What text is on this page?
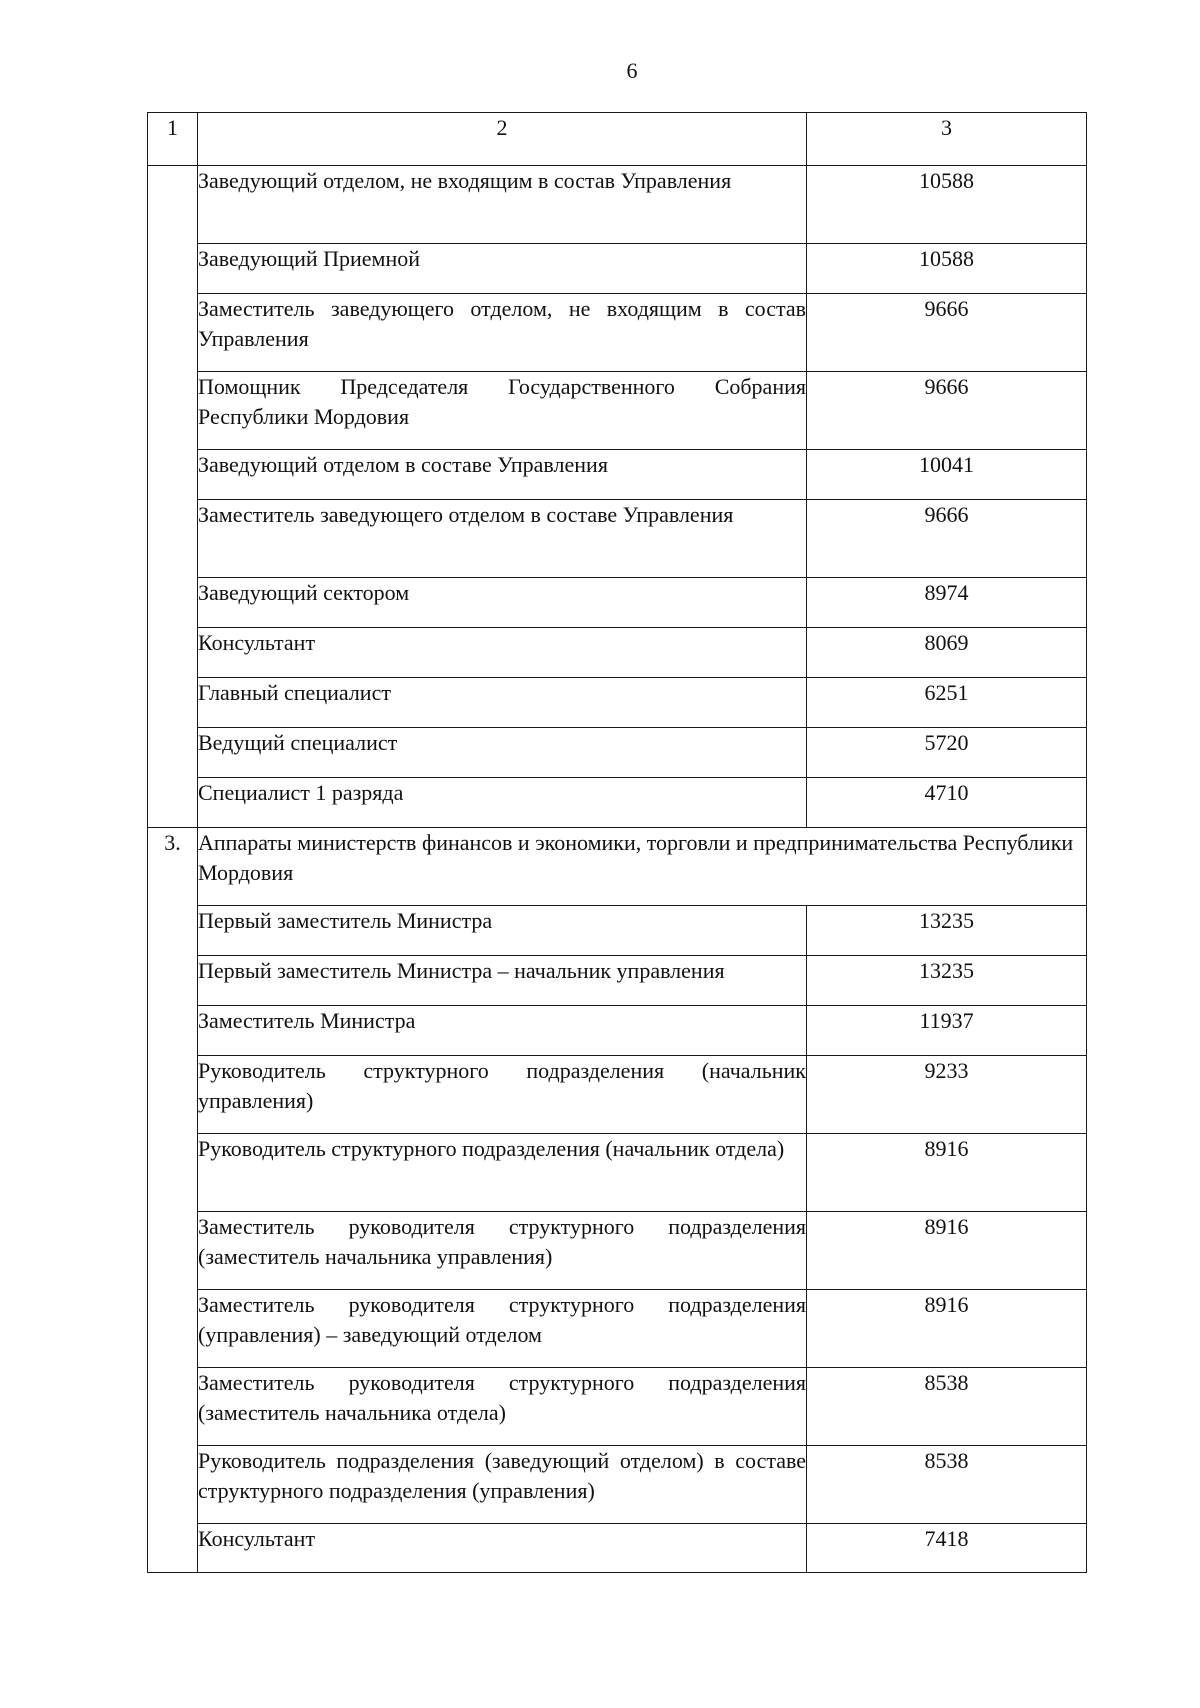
6
1	2	3
	Заведующий отделом, не входящим в состав Управления	10588
	Заведующий Приемной	10588
	Заместитель заведующего отделом, не входящим в состав Управления	9666
	Помощник Председателя Государственного Собрания Республики Мордовия	9666
	Заведующий отделом в составе Управления	10041
	Заместитель заведующего отделом в составе Управления	9666
	Заведующий сектором	8974
	Консультант	8069
	Главный специалист	6251
	Ведущий специалист	5720
	Специалист 1 разряда	4710
3.	Аппараты министерств финансов и экономики, торговли и предпринимательства Республики Мордовия	
	Первый заместитель Министра	13235
	Первый заместитель Министра – начальник управления	13235
	Заместитель Министра	11937
	Руководитель структурного подразделения (начальник управления)	9233
	Руководитель структурного подразделения (начальник отдела)	8916
	Заместитель руководителя структурного подразделения (заместитель начальника управления)	8916
	Заместитель руководителя структурного подразделения (управления) – заведующий отделом	8916
	Заместитель руководителя структурного подразделения (заместитель начальника отдела)	8538
	Руководитель подразделения (заведующий отделом) в составе структурного подразделения (управления)	8538
	Консультант	7418
